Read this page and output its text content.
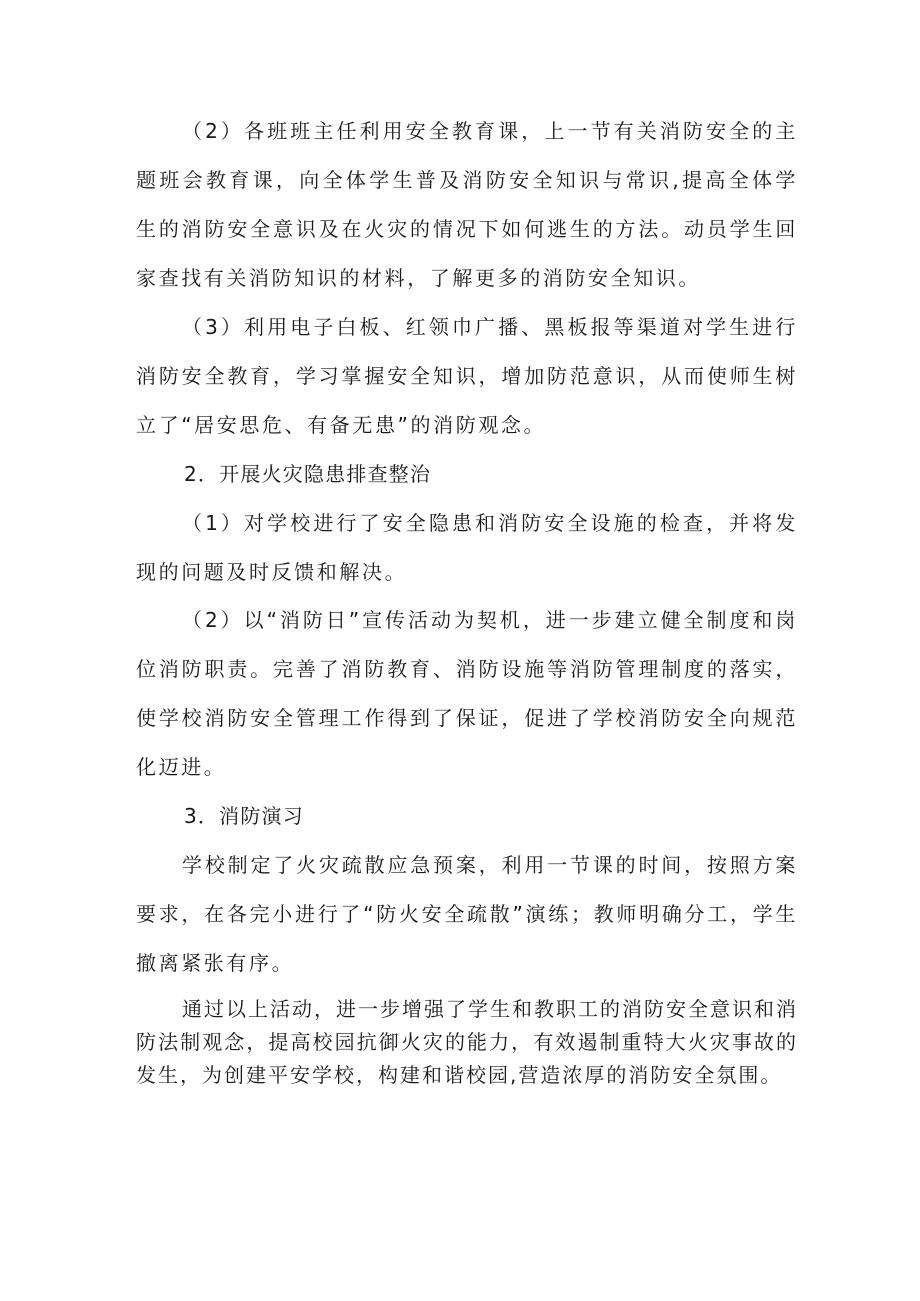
（2）各班班主任利用安全教育课，上一节有关消防安全的主题班会教育课，向全体学生普及消防安全知识与常识,提高全体学生的消防安全意识及在火灾的情况下如何逃生的方法。动员学生回家查找有关消防知识的材料，了解更多的消防安全知识。

（3）利用电子白板、红领巾广播、黑板报等渠道对学生进行消防安全教育，学习掌握安全知识，增加防范意识，从而使师生树立了“居安思危、有备无患”的消防观念。

2．开展火灾隐患排查整治

（1）对学校进行了安全隐患和消防安全设施的检查，并将发现的问题及时反馈和解决。

（2）以“消防日”宣传活动为契机，进一步建立健全制度和岗位消防职责。完善了消防教育、消防设施等消防管理制度的落实，使学校消防安全管理工作得到了保证，促进了学校消防安全向规范化迈进。

3．消防演习

学校制定了火灾疏散应急预案，利用一节课的时间，按照方案要求，在各完小进行了“防火安全疏散”演练；教师明确分工，学生撤离紧张有序。

通过以上活动，进一步增强了学生和教职工的消防安全意识和消防法制观念，提高校园抗御火灾的能力，有效遏制重特大火灾事故的发生，为创建平安学校，构建和谐校园,营造浓厚的消防安全氛围。
